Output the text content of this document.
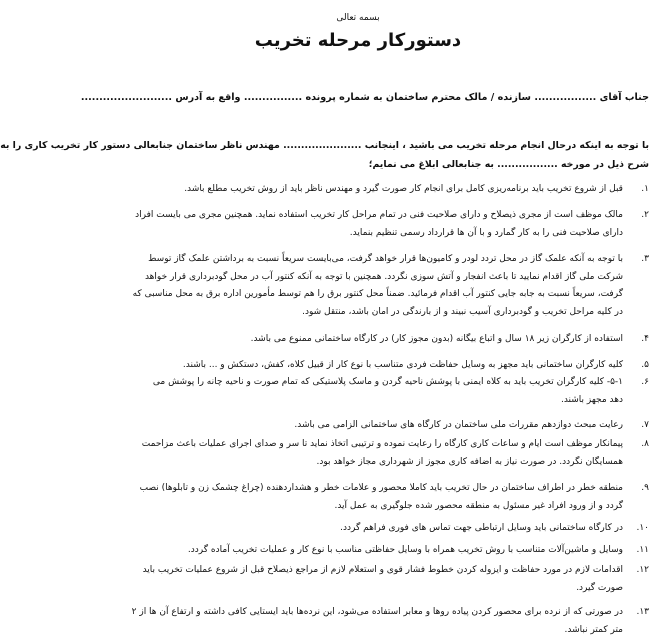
بسمه تعالی
دستورکار مرحله تخریب
جناب آقای ................. سازنده / مالک محترم ساختمان به شماره پرونده ................ واقع به آدرس .........................

با توجه به اینکه درحال انجام مرحله تخریب می باشید ، اینجانب ...................... مهندس ناظر ساختمان جنابعالی دستور کار تخریب کاری را به

شرح ذیل در مورخه ................. به جنابعالی ابلاغ می نمایم؛

۱.
قبل از شروع تخریب باید برنامه‌ریزی کامل برای انجام کار صورت گیرد و مهندس ناظر باید از روش تخریب مطلع باشد.
۲.
مالک موظف است از مجری ذیصلاح و دارای صلاحیت فنی در تمام مراحل کار تخریب استفاده نماید. همچنین مجری می بایست افراد
دارای صلاحیت فنی را به کار گمارد و با آن ها قرارداد رسمی تنظیم بنماید.
۳.
با توجه به آنکه علمک گاز در محل تردد لودر و کامیون‌ها قرار خواهد گرفت، می‌بایست سریعاً نسبت به برداشتن علمک گاز توسط
شرکت ملی گاز اقدام نمایید تا باعث انفجار و آتش سوزی نگردد. همچنین با توجه به آنکه کنتور آب در محل گودبرداری قرار خواهد
گرفت، سریعاً نسبت به جابه جایی کنتور آب اقدام فرمائید. ضمناً محل کنتور برق را هم توسط مأمورین اداره برق به محل مناسبی که
در کلیه مراحل تخریب و گودبرداری آسیب نبیند و از بارندگی در امان باشد، منتقل شود.
۴.
استفاده از کارگران زیر ۱۸ سال و اتباع بیگانه (بدون مجوز کار) در کارگاه ساختمانی ممنوع می باشد.
۵.
کلیه کارگران ساختمانی باید مجهز به وسایل حفاظت فردی متناسب با نوع کار از قبیل کلاه، کفش، دستکش و ... باشند.
۶.
۵-۱- کلیه کارگران تخریب باید به کلاه ایمنی با پوشش ناحیه گردن و ماسک پلاستیکی که تمام صورت و ناحیه چانه را پوشش می
دهد مجهز باشند.
۷.
رعایت مبحث دوازدهم مقررات ملی ساختمان در کارگاه های ساختمانی الزامی می باشد.
۸.
پیمانکار موظف است ایام و ساعات کاری کارگاه را رعایت نموده و ترتیبی اتخاذ نماید تا سر و صدای اجرای عملیات باعث مزاحمت
همسایگان نگردد. در صورت نیاز به اضافه کاری مجوز از شهرداری مجاز خواهد بود.
۹.
منطقه خطر در اطراف ساختمان در حال تخریب باید کاملا محصور و علامات خطر و هشداردهنده (چراغ چشمک زن و تابلوها) نصب
گردد و از ورود افراد غیر مسئول به منطقه محصور شده جلوگیری به عمل آید.
۱۰.
در کارگاه ساختمانی باید وسایل ارتباطی جهت تماس های فوری فراهم گردد.
۱۱.
وسایل و ماشین‌آلات متناسب با روش تخریب همراه با وسایل حفاظتی مناسب با نوع کار و عملیات تخریب آماده گردد.
۱۲.
اقدامات لازم در مورد حفاظت و ایزوله کردن خطوط فشار قوی و استعلام لازم از مراجع ذیصلاح قبل از شروع عملیات تخریب باید
صورت گیرد.
۱۳.
در صورتی که از نرده برای محصور کردن پیاده روها و معابر استفاده می‌شود، این نرده‌ها باید ایستایی کافی داشته و ارتفاع آن ها از ۲
متر کمتر نباشد.
